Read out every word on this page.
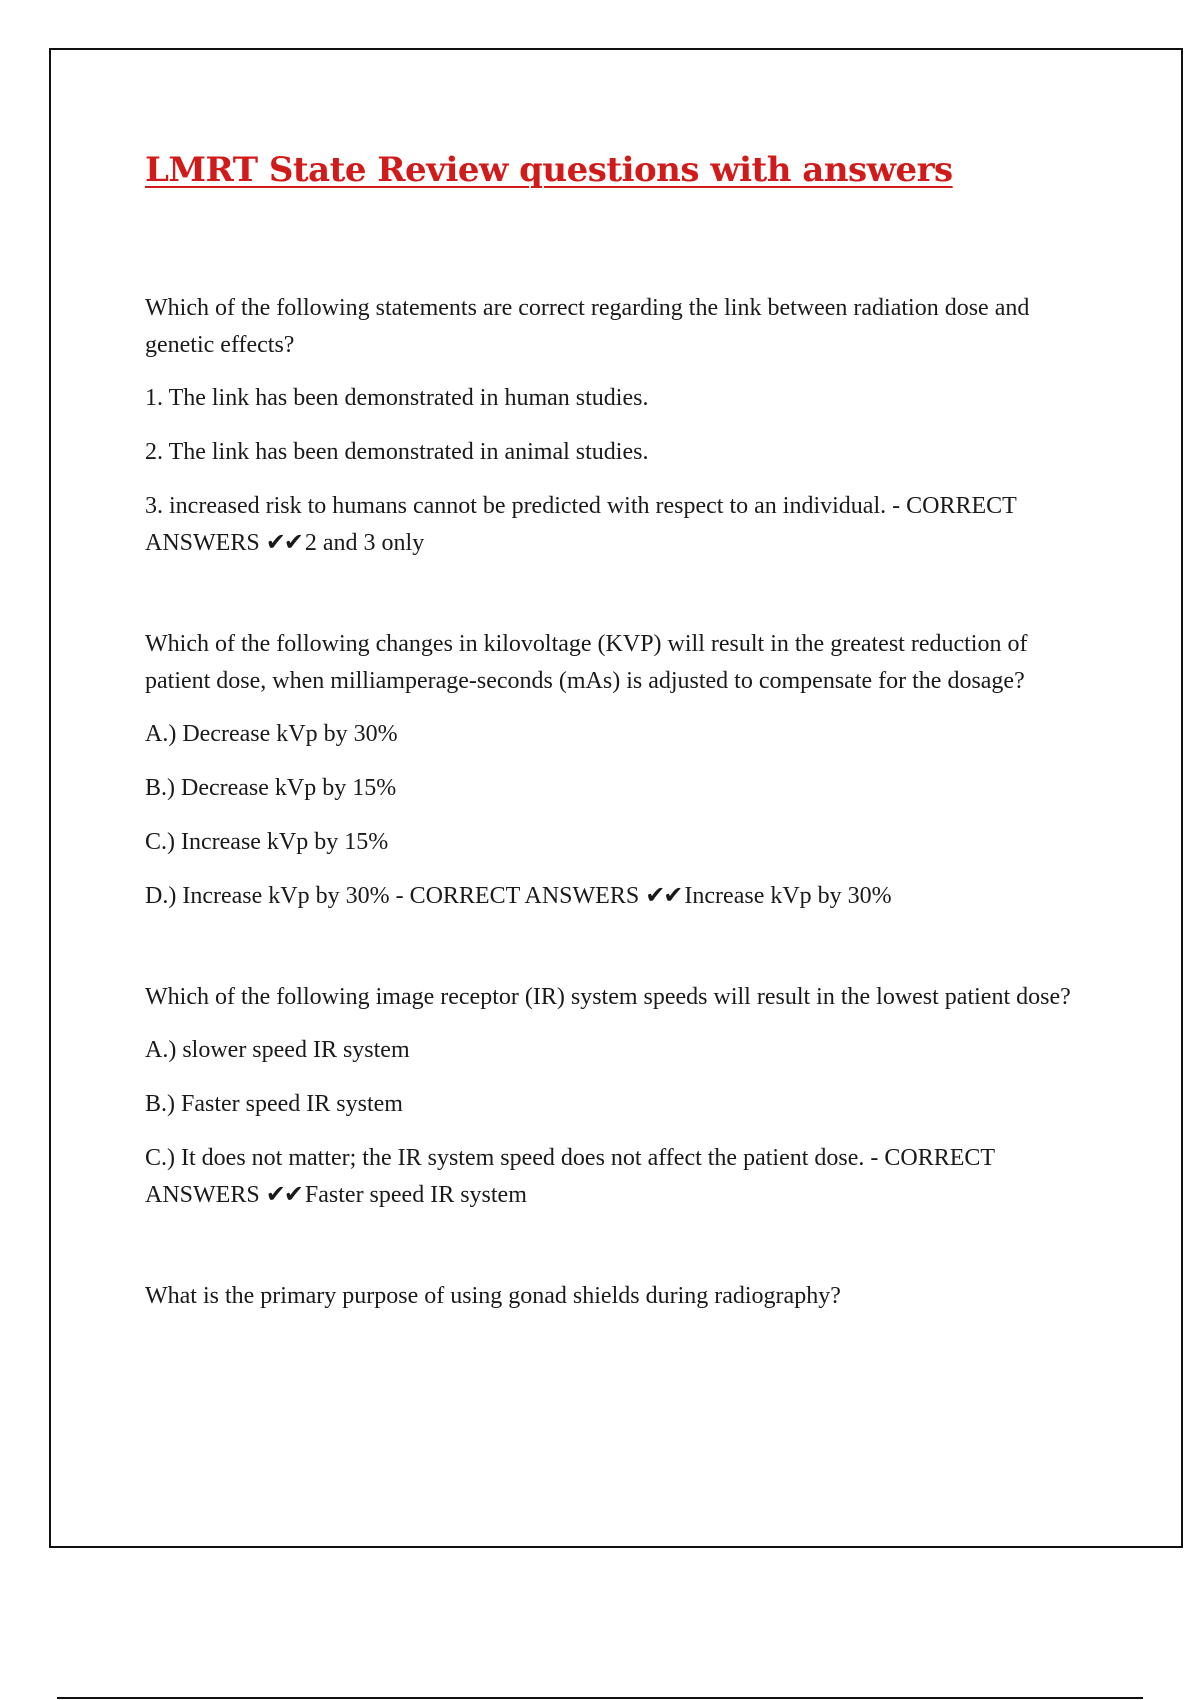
LMRT State Review questions with answers

Which of the following statements are correct regarding the link between radiation dose and genetic effects?

1. The link has been demonstrated in human studies.

2. The link has been demonstrated in animal studies.

3. increased risk to humans cannot be predicted with respect to an individual. - CORRECT ANSWERS ✔✔ 2 and 3 only

Which of the following changes in kilovoltage (KVP) will result in the greatest reduction of patient dose, when milliamperage-seconds (mAs) is adjusted to compensate for the dosage?

A.) Decrease kVp by 30%

B.) Decrease kVp by 15%

C.) Increase kVp by 15%

D.) Increase kVp by 30% - CORRECT ANSWERS ✔✔ Increase kVp by 30%

Which of the following image receptor (IR) system speeds will result in the lowest patient dose?

A.) slower speed IR system

B.) Faster speed IR system

C.) It does not matter; the IR system speed does not affect the patient dose. - CORRECT ANSWERS ✔✔ Faster speed IR system

What is the primary purpose of using gonad shields during radiography?
